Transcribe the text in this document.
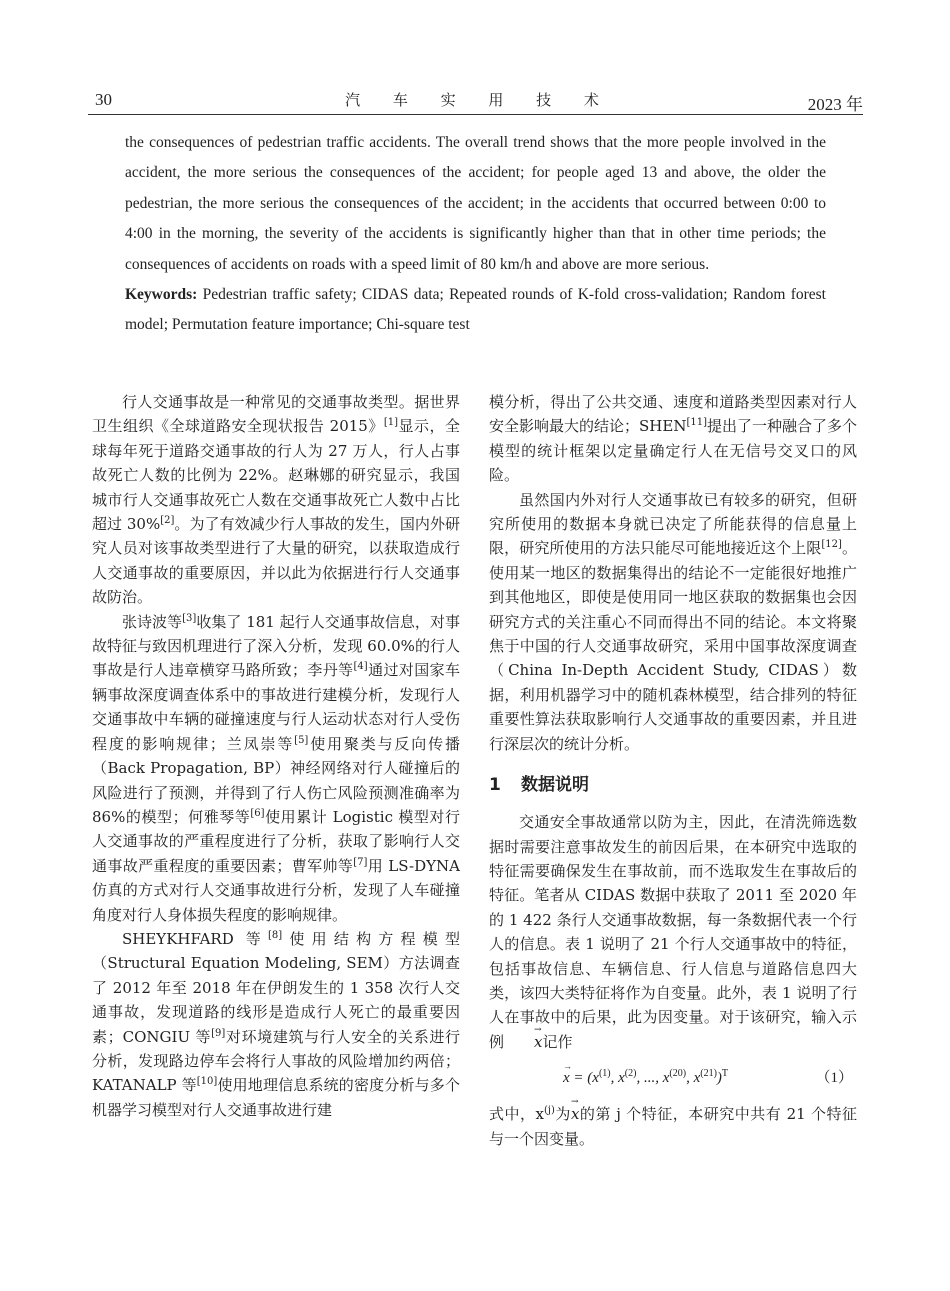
30	汽 车 实 用 技 术	2023 年

the consequences of pedestrian traffic accidents. The overall trend shows that the more people involved in the accident, the more serious the consequences of the accident; for people aged 13 and above, the older the pedestrian, the more serious the consequences of the accident; in the accidents that occurred between 0:00 to 4:00 in the morning, the severity of the accidents is significantly higher than that in other time periods; the consequences of accidents on roads with a speed limit of 80 km/h and above are more serious.

Keywords: Pedestrian traffic safety; CIDAS data; Repeated rounds of K-fold cross-validation; Random forest model; Permutation feature importance; Chi-square test

行人交通事故是一种常见的交通事故类型。据世界卫生组织《全球道路安全现状报告 2015》[1]显示，全球每年死于道路交通事故的行人为 27 万人，行人占事故死亡人数的比例为 22%。赵琳娜的研究显示，我国城市行人交通事故死亡人数在交通事故死亡人数中占比超过 30%[2]。为了有效减少行人事故的发生，国内外研究人员对该事故类型进行了大量的研究，以获取造成行人交通事故的重要原因，并以此为依据进行行人交通事故防治。

张诗波等[3]收集了 181 起行人交通事故信息，对事故特征与致因机理进行了深入分析，发现 60.0%的行人事故是行人违章横穿马路所致；李丹等[4]通过对国家车辆事故深度调查体系中的事故进行建模分析，发现行人交通事故中车辆的碰撞速度与行人运动状态对行人受伤程度的影响规律；兰凤崇等[5]使用聚类与反向传播（Back Propagation, BP）神经网络对行人碰撞后的风险进行了预测，并得到了行人伤亡风险预测准确率为 86%的模型；何雅琴等[6]使用累计 Logistic 模型对行人交通事故的严重程度进行了分析，获取了影响行人交通事故严重程度的重要因素；曹军帅等[7]用 LS-DYNA 仿真的方式对行人交通事故进行分析，发现了人车碰撞角度对行人身体损失程度的影响规律。

SHEYKHFARD 等[8]使用结构方程模型（Structural Equation Modeling, SEM）方法调查了 2012 年至 2018 年在伊朗发生的 1 358 次行人交通事故，发现道路的线形是造成行人死亡的最重要因素；CONGIU 等[9]对环境建筑与行人安全的关系进行分析，发现路边停车会将行人事故的风险增加约两倍；KATANALP 等[10]使用地理信息系统的密度分析与多个机器学习模型对行人交通事故进行建

模分析，得出了公共交通、速度和道路类型因素对行人安全影响最大的结论；SHEN[11]提出了一种融合了多个模型的统计框架以定量确定行人在无信号交叉口的风险。

虽然国内外对行人交通事故已有较多的研究，但研究所使用的数据本身就已决定了所能获得的信息量上限，研究所使用的方法只能尽可能地接近这个上限[12]。使用某一地区的数据集得出的结论不一定能很好地推广到其他地区，即使是使用同一地区获取的数据集也会因研究方式的关注重心不同而得出不同的结论。本文将聚焦于中国的行人交通事故研究，采用中国事故深度调查（China In-Depth Accident Study, CIDAS）数据，利用机器学习中的随机森林模型，结合排列的特征重要性算法获取影响行人交通事故的重要因素，并且进行深层次的统计分析。

1 数据说明

交通安全事故通常以防为主，因此，在清洗筛选数据时需要注意事故发生的前因后果，在本研究中选取的特征需要确保发生在事故前，而不选取发生在事故后的特征。笔者从 CIDAS 数据中获取了 2011 至 2020 年的 1 422 条行人交通事故数据，每一条数据代表一个行人的信息。表 1 说明了 21 个行人交通事故中的特征，包括事故信息、车辆信息、行人信息与道路信息四大类，该四大类特征将作为自变量。此外，表 1 说明了行人在事故中的后果，此为因变量。对于该研究，输入示例→ x记作

→ $x = (x^{(1)}$, $x^{(2)}$, ..., $x^{(20)}$, $x^{(21)})^T$	（1）

式中，$x^{(j)}$为→ x的第 j 个特征，本研究中共有 21 个特征与一个因变量。
